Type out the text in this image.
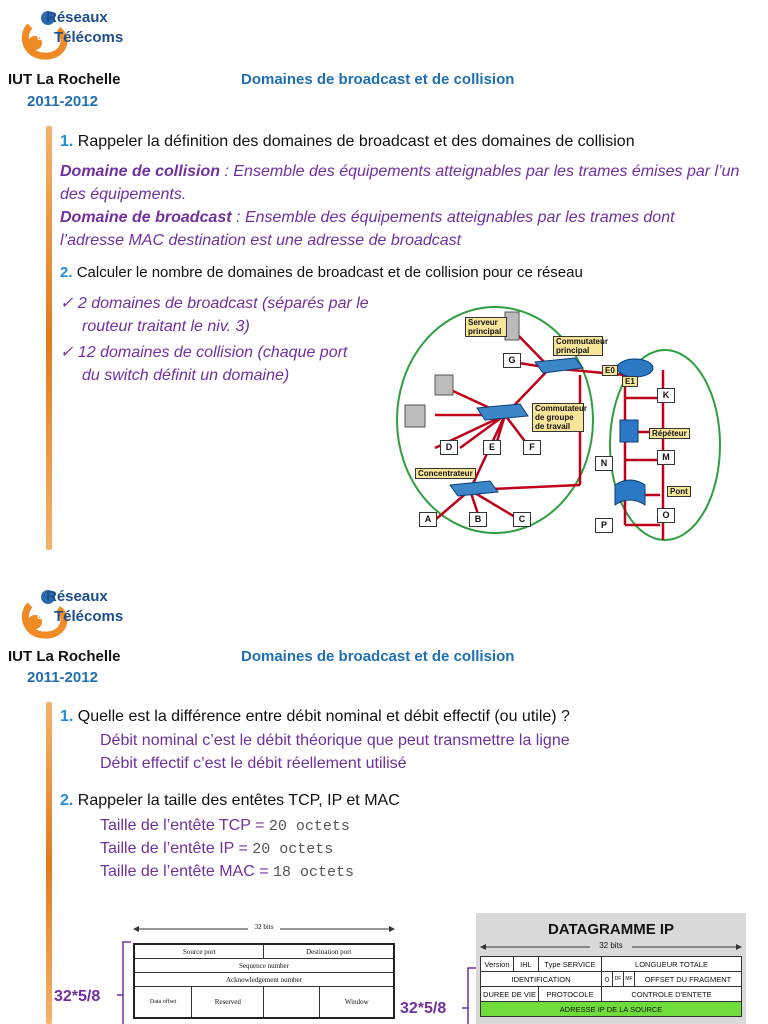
Réseaux
& Télécoms
IUT La Rochelle
2011-2012
Domaines de broadcast et de collision
1. Rappeler la définition des domaines de broadcast et des domaines de collision
Domaine de collision : Ensemble des équipements atteignables par les trames émises par l’un des équipements.
Domaine de broadcast : Ensemble des équipements atteignables par les trames dont l’adresse MAC destination est une adresse de broadcast
2. Calculer le nombre de domaines de broadcast et de collision pour ce réseau
✓ 2 domaines de broadcast (séparés par le
routeur traitant le niv. 3)
✓ 12 domaines de collision (chaque port
du switch définit un domaine)
Serveur principal
Commutateur principal
Commutateur de groupe de travail
Concentrateur
Répéteur
Pont
E0
E1
G
D	E	F
A	B	C
K
M
N
O
P
Réseaux
& Télécoms
IUT La Rochelle
2011-2012
Domaines de broadcast et de collision
1. Quelle est la différence entre débit nominal et débit effectif (ou utile) ?
Débit nominal c’est le débit théorique que peut transmettre la ligne
Débit effectif c’est le débit réellement utilisé
2. Rappeler la taille des entêtes TCP, IP et MAC
Taille de l’entête TCP = 20 octets
Taille de l’entête IP = 20 octets
Taille de l’entête MAC = 18 octets
32*5/8
32 bits
Source port		Destination port	
Sequence number			
Acknowledgement number			
Data offset	Reserved		Window 32*5/8
DATAGRAMME IP
32 bits
Version	IHL	Type SERVICE	LONGUEUR TOTALE			
IDENTIFICATION			0	DF	MF	OFFSET DU FRAGMENT
DUREE DE VIE		PROTOCOLE	CONTROLE D'ENTETE			
ADRESSE IP DE LA SOURCE						
